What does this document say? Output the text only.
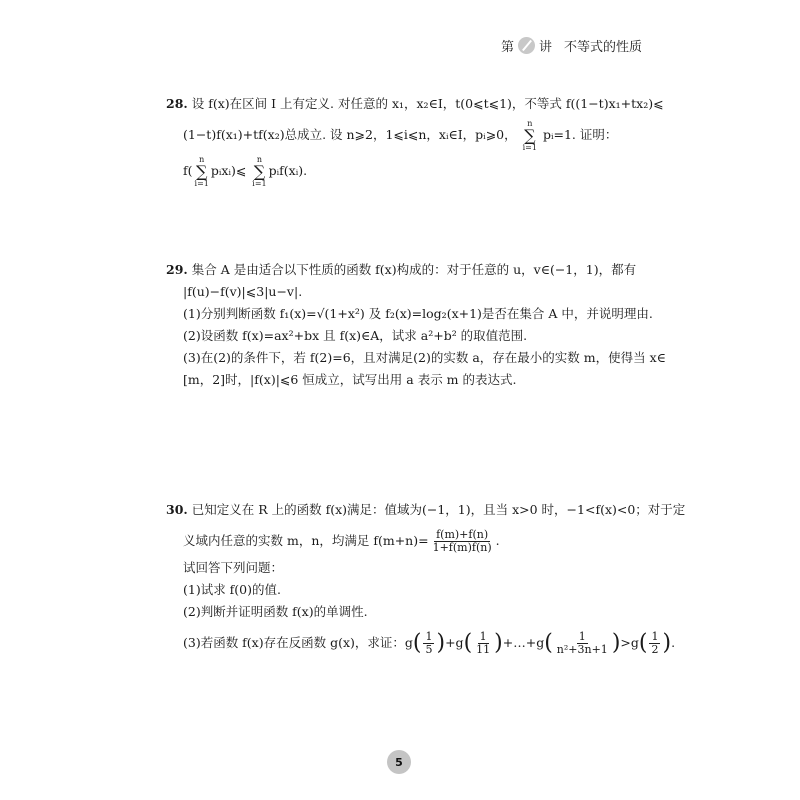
第 讲 不等式的性质
28. 设 f(x)在区间 I 上有定义. 对任意的 x₁，x₂∈I，t(0⩽t⩽1)，不等式 f((1−t)x₁+tx₂)⩽
(1−t)f(x₁)+tf(x₂)总成立. 设 n⩾2，1⩽i⩽n，xᵢ∈I，pᵢ⩾0，
n
∑
i=1
pᵢ=1. 证明：
f(
n
∑
i=1
pᵢxᵢ)⩽
n
∑
i=1
pᵢf(xᵢ).
29. 集合 A 是由适合以下性质的函数 f(x)构成的：对于任意的 u，v∈(−1，1)，都有
|f(u)−f(v)|⩽3|u−v|.
(1)分别判断函数 f₁(x)=√(1+x²) 及 f₂(x)=log₂(x+1)是否在集合 A 中，并说明理由.
(2)设函数 f(x)=ax²+bx 且 f(x)∈A，试求 a²+b² 的取值范围.
(3)在(2)的条件下，若 f(2)=6，且对满足(2)的实数 a，存在最小的实数 m，使得当 x∈
[m，2]时，|f(x)|⩽6 恒成立，试写出用 a 表示 m 的表达式.
30. 已知定义在 R 上的函数 f(x)满足：值域为(−1，1)，且当 x>0 时，−1<f(x)<0；对于定
义域内任意的实数 m，n，均满足 $f(m+n)= \frac{f(m)+f(n)}{1+f(m)f(n)}$ .
试回答下列问题：
(1)试求 f(0)的值.
(2)判断并证明函数 f(x)的单调性.
(3)若函数 f(x)存在反函数 g(x)，求证：$g( \frac{1}{5} )+g( \frac{1}{11}$ )+…+g( $\frac{1}{\text{n²+3n+1}} )>g( \frac{1}{2}$ ).
5
